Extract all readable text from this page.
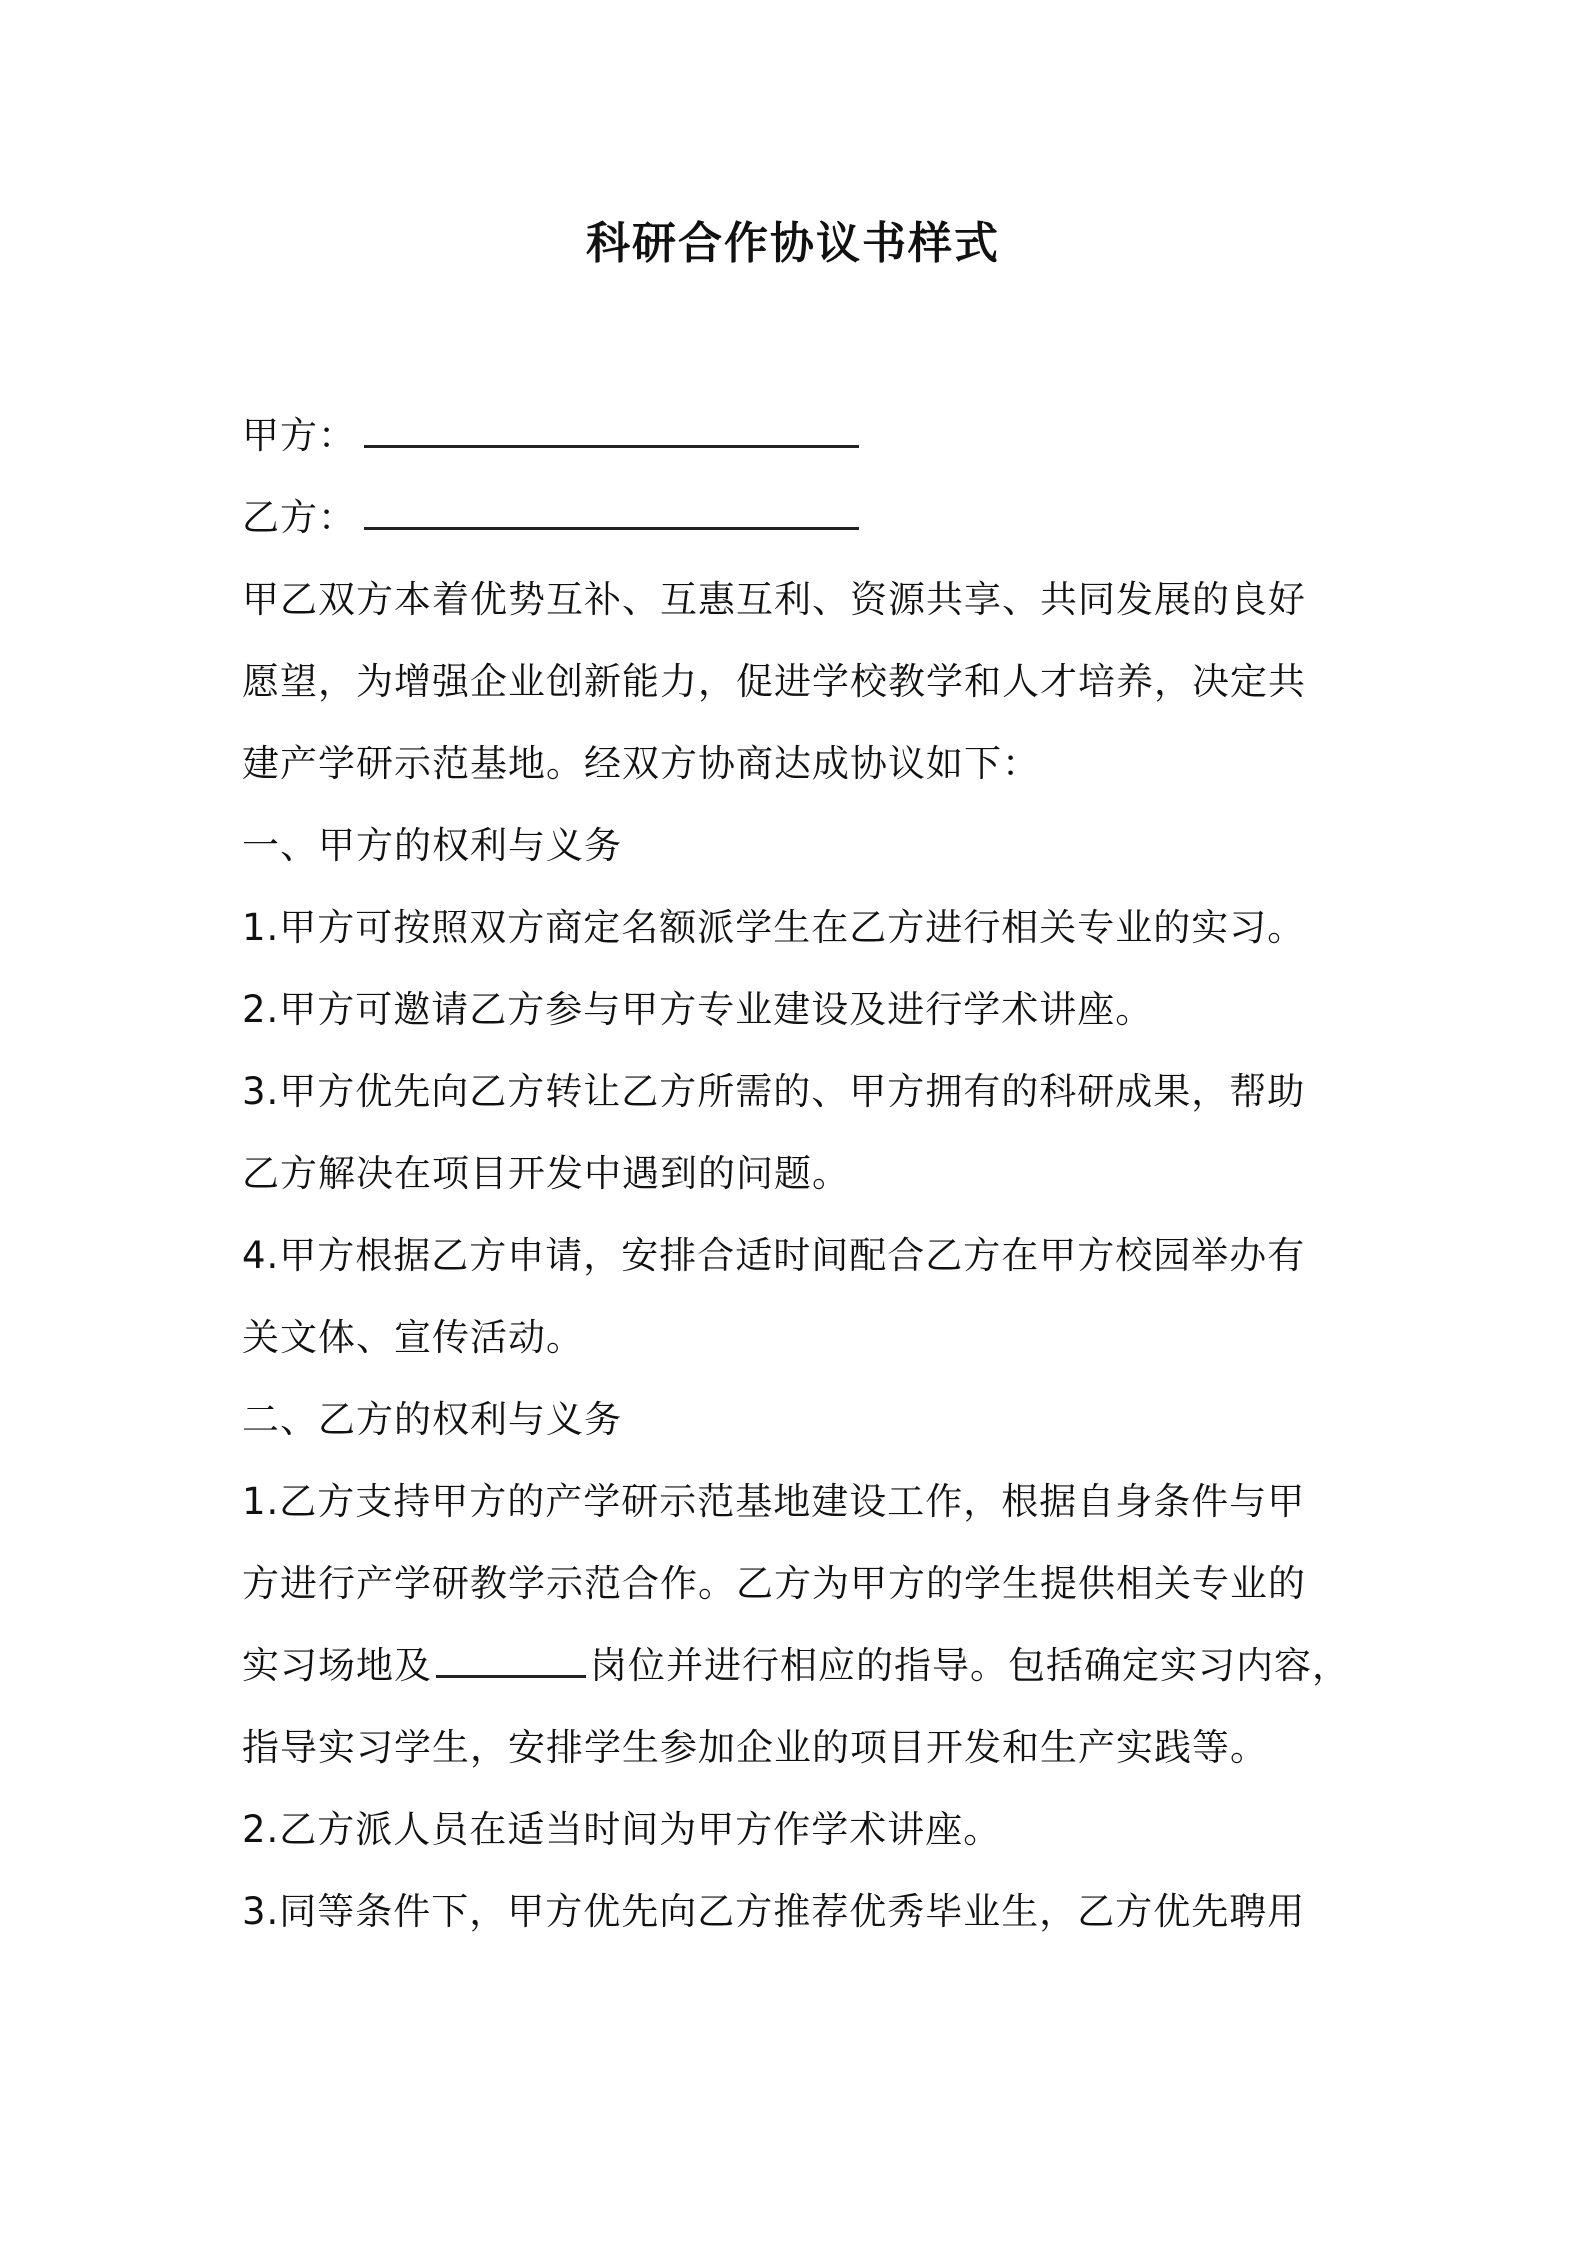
科研合作协议书样式
甲方：
乙方：
甲乙双方本着优势互补、互惠互利、资源共享、共同发展的良好
愿望，为增强企业创新能力，促进学校教学和人才培养，决定共
建产学研示范基地。经双方协商达成协议如下：
一、甲方的权利与义务
1.甲方可按照双方商定名额派学生在乙方进行相关专业的实习。
2.甲方可邀请乙方参与甲方专业建设及进行学术讲座。
3.甲方优先向乙方转让乙方所需的、甲方拥有的科研成果，帮助
乙方解决在项目开发中遇到的问题。
4.甲方根据乙方申请，安排合适时间配合乙方在甲方校园举办有
关文体、宣传活动。
二、乙方的权利与义务
1.乙方支持甲方的产学研示范基地建设工作，根据自身条件与甲
方进行产学研教学示范合作。乙方为甲方的学生提供相关专业的
实习场地及	岗位并进行相应的指导。包括确定实习内容，
指导实习学生，安排学生参加企业的项目开发和生产实践等。
2.乙方派人员在适当时间为甲方作学术讲座。
3.同等条件下，甲方优先向乙方推荐优秀毕业生，乙方优先聘用
